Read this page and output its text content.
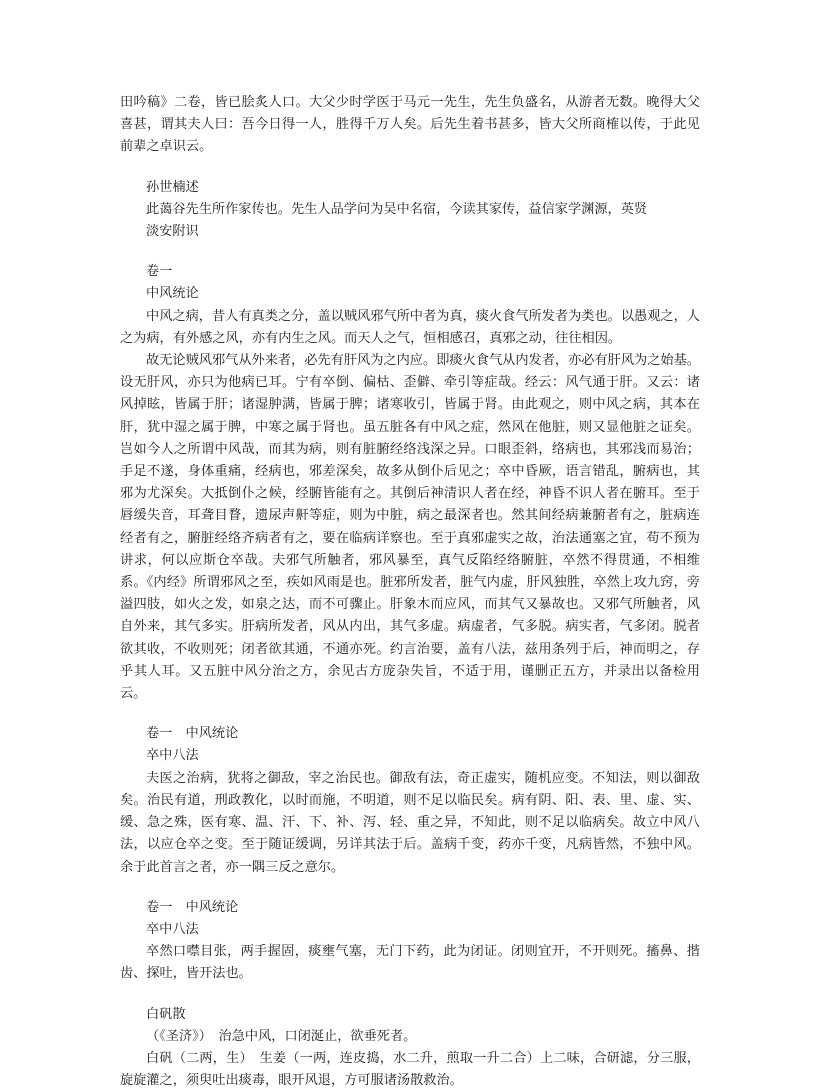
田吟稿》二卷，皆已脍炙人口。大父少时学医于马元一先生，先生负盛名，从游者无数。晚得大父喜甚，谓其夫人曰：吾今日得一人，胜得千万人矣。后先生着书甚多，皆大父所商榷以传，于此见前辈之卓识云。

孙世楠述
此蔼谷先生所作家传也。先生人品学问为吴中名宿，今读其家传，益信家学渊源，英贤
淡安附识
卷一
中风统论

中风之病，昔人有真类之分，盖以贼风邪气所中者为真，痰火食气所发者为类也。以愚观之，人之为病，有外感之风，亦有内生之风。而天人之气，恒相感召，真邪之动，往往相因。

故无论贼风邪气从外来者，必先有肝风为之内应。即痰火食气从内发者，亦必有肝风为之始基。设无肝风，亦只为他病已耳。宁有卒倒、偏枯、歪僻、牵引等症哉。经云：风气通于肝。又云：诸风掉眩，皆属于肝；诸湿肿满，皆属于脾；诸寒收引，皆属于肾。由此观之，则中风之病，其本在肝，犹中湿之属于脾，中寒之属于肾也。虽五脏各有中风之症，然风在他脏，则又显他脏之证矣。岂如今人之所谓中风哉，而其为病，则有脏腑经络浅深之异。口眼歪斜，络病也，其邪浅而易治；手足不遂，身体重痛，经病也，邪差深矣，故多从倒仆后见之；卒中昏厥，语言错乱，腑病也，其邪为尤深矣。大抵倒仆之候，经腑皆能有之。其倒后神清识人者在经，神昏不识人者在腑耳。至于唇缓失音，耳聋目瞀，遗尿声鼾等症，则为中脏，病之最深者也。然其间经病兼腑者有之，脏病连经者有之，腑脏经络齐病者有之，要在临病详察也。至于真邪虚实之故，治法通塞之宜，苟不预为讲求，何以应斯仓卒哉。夫邪气所触者，邪风暴至，真气反陷经络腑脏，卒然不得贯通，不相维系。《内经》所谓邪风之至，疾如风雨是也。脏邪所发者，脏气内虚，肝风独胜，卒然上攻九窍，旁溢四肢，如火之发，如泉之达，而不可骤止。肝象木而应风，而其气又暴故也。又邪气所触者，风自外来，其气多实。肝病所发者，风从内出，其气多虚。病虚者，气多脱。病实者，气多闭。脱者欲其收，不收则死；闭者欲其通，不通亦死。约言治要，盖有八法，兹用条列于后，神而明之，存乎其人耳。又五脏中风分治之方，余见古方庞杂失旨，不适于用，谨删正五方，并录出以备检用云。

卷一　中风统论
卒中八法

夫医之治病，犹将之御敌，宰之治民也。御敌有法，奇正虚实，随机应变。不知法，则以御敌矣。治民有道，刑政教化，以时而施，不明道，则不足以临民矣。病有阴、阳、表、里、虚、实、缓、急之殊，医有寒、温、汗、下、补、泻、轻、重之异，不知此，则不足以临病矣。故立中风八法，以应仓卒之变。至于随证缓调，另详其法于后。盖病千变，药亦千变，凡病皆然，不独中风。余于此首言之者，亦一隅三反之意尔。

卷一　中风统论
卒中八法

卒然口噤目张，两手握固，痰壅气塞，无门下药，此为闭证。闭则宜开，不开则死。搐鼻、揩齿、探吐，皆开法也。

白矾散
（《圣济》）　治急中风，口闭涎止，欲垂死者。

白矾（二两，生）　生姜（一两，连皮捣，水二升，煎取一升二合）上二味，合研滤，分三服，旋旋灌之，须臾吐出痰毒，眼开风退，方可服诸汤散救治。
